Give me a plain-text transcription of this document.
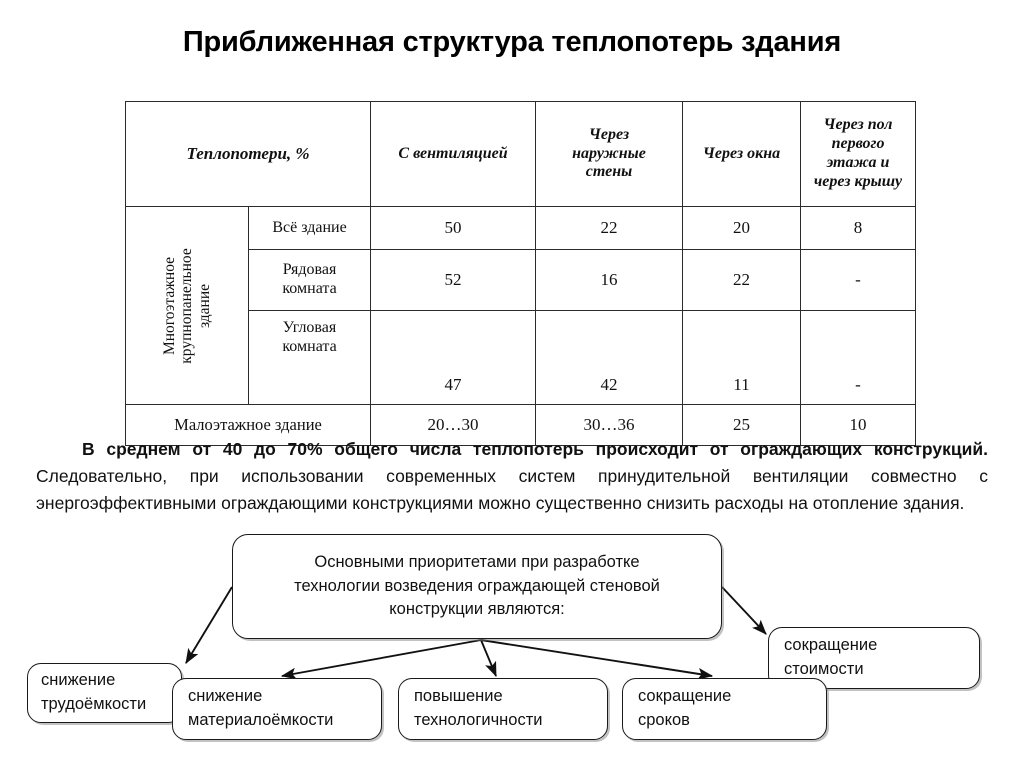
Приближенная структура теплопотерь здания
Теплопотери, %		С вентиляцией	Через
наружные
стены	Через окна	Через пол
первого
этажа и
через крышу

Многоэтажное крупнопанельное здание	Всё здание	50	22	20	8
	Рядовая
комната	52	16	22	-
	Угловая
комната	47	42	11	-
Малоэтажное здание		20…30	30…36	25	10

В среднем от 40 до 70% общего числа теплопотерь происходит от ограждающих конструкций. Следовательно, при использовании современных систем принудительной вентиляции совместно с энергоэффективными ограждающими конструкциями можно существенно снизить расходы на отопление здания.

Основными приоритетами при разработке
технологии возведения ограждающей стеновой
конструкции являются:
снижение
трудоёмкости
сокращение
стоимости
снижение
материалоёмкости
повышение
технологичности
сокращение
сроков
